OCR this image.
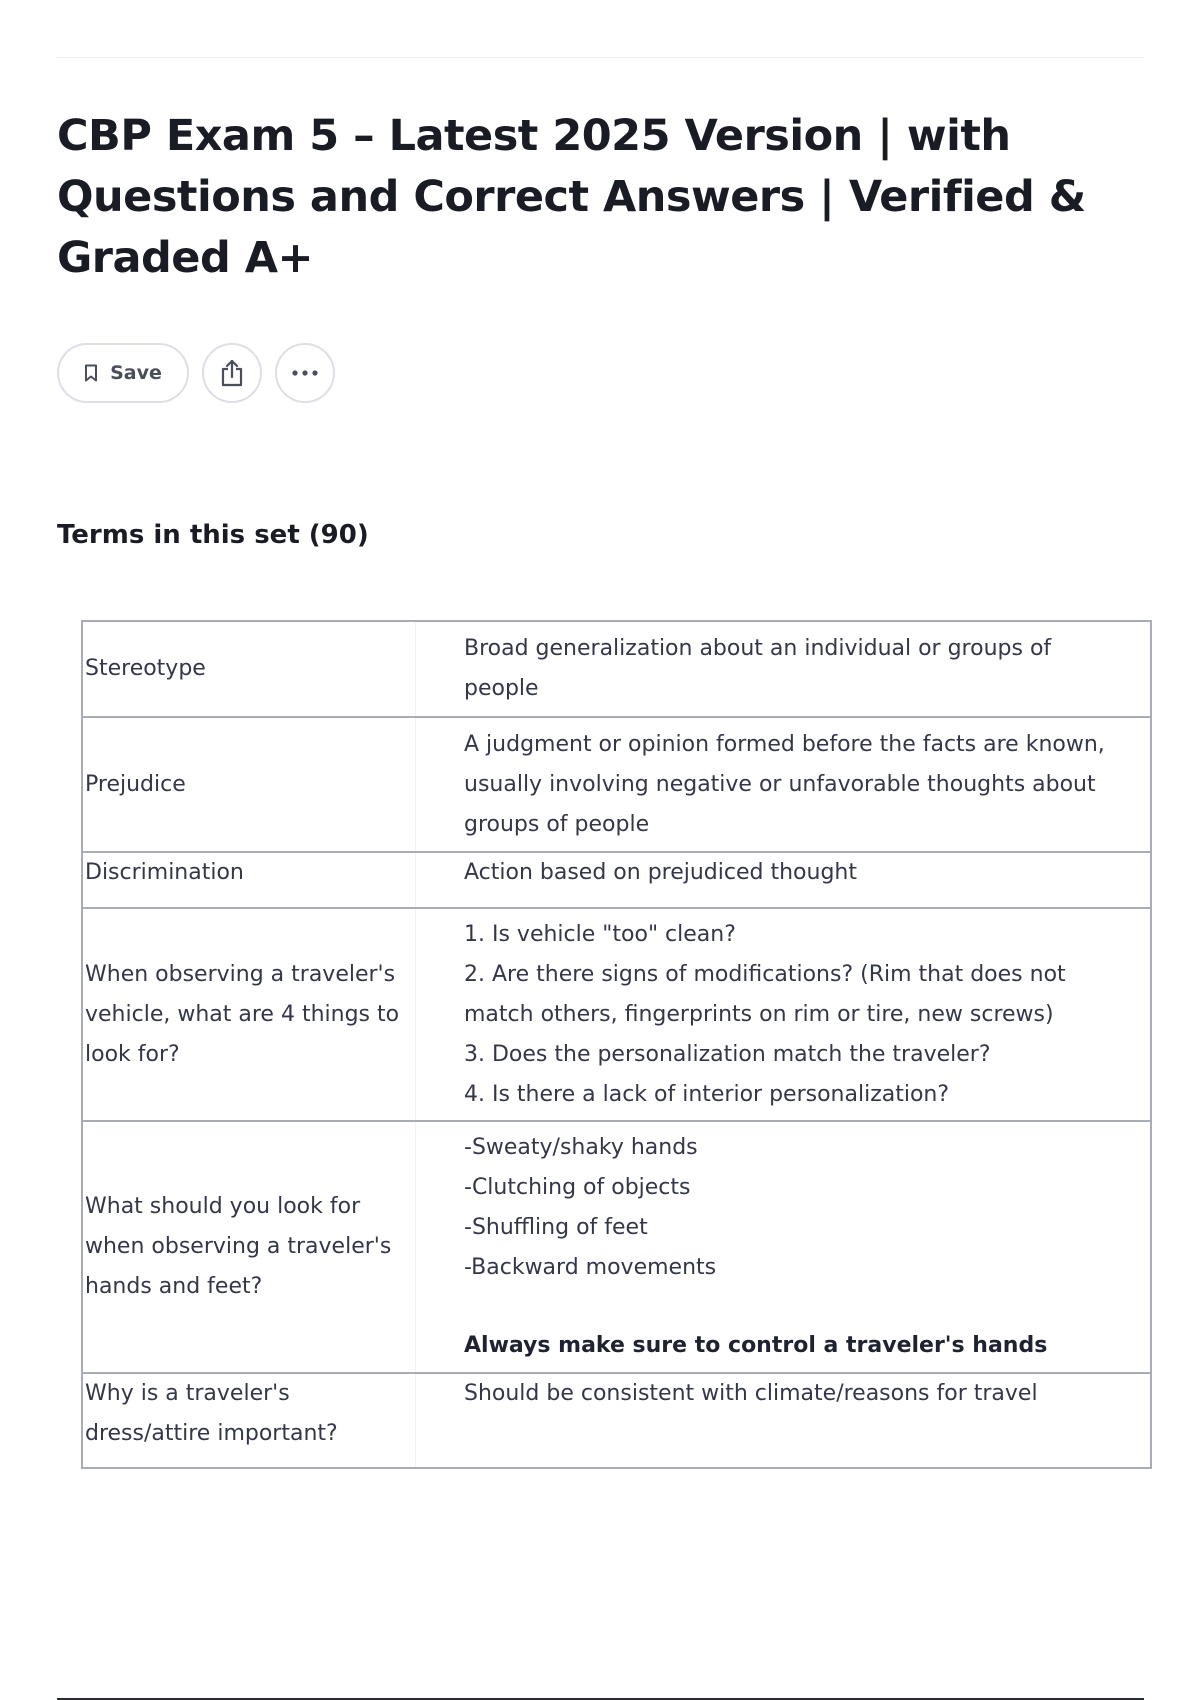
CBP Exam 5 – Latest 2025 Version | with Questions and Correct Answers | Verified & Graded A+
Save
Terms in this set (90)
Stereotype	Broad generalization about an individual or groups of people

Prejudice	A judgment or opinion formed before the facts are known, usually involving negative or unfavorable thoughts about groups of people

Discrimination	Action based on prejudiced thought

When observing a traveler's vehicle, what are 4 things to look for?	1. Is vehicle "too" clean?
2. Are there signs of modifications? (Rim that does not match others, fingerprints on rim or tire, new screws)
3. Does the personalization match the traveler?
4. Is there a lack of interior personalization?

What should you look for when observing a traveler's hands and feet?	-Sweaty/shaky hands
-Clutching of objects
-Shuffling of feet
-Backward movements
Always make sure to control a traveler's hands

Why is a traveler's dress/attire important?	Should be consistent with climate/reasons for travel
